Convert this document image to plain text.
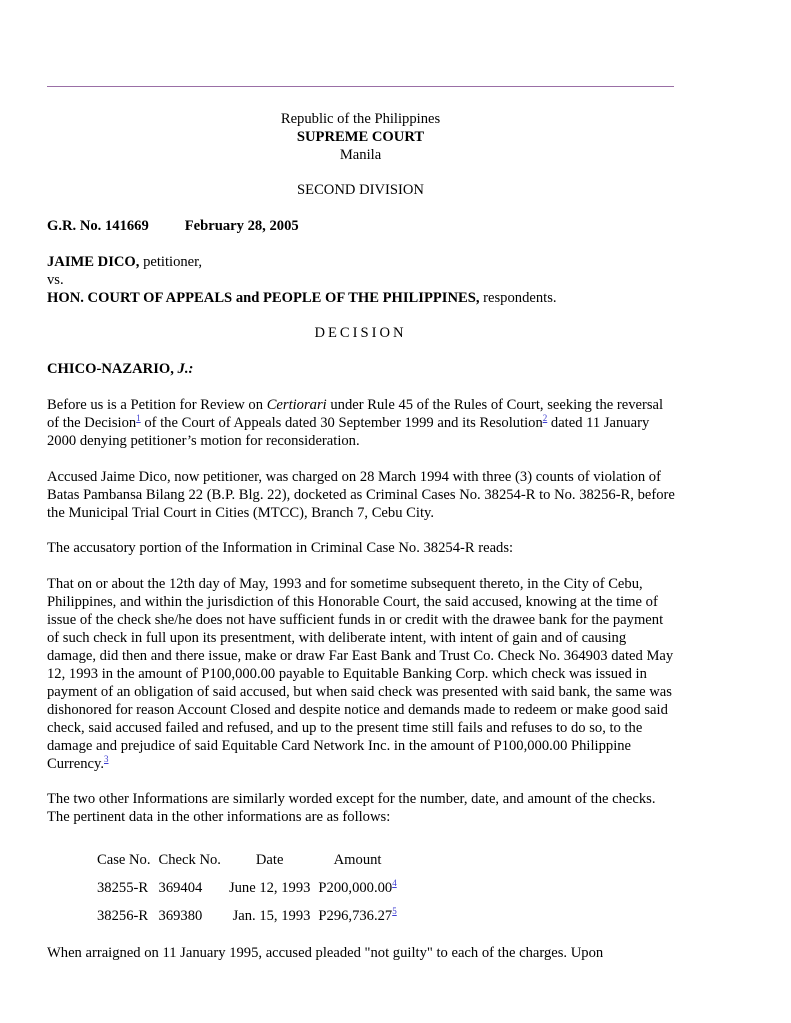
Republic of the Philippines
SUPREME COURT
Manila
SECOND DIVISION
G.R. No. 141669 February 28, 2005
JAIME DICO, petitioner,
vs.
HON. COURT OF APPEALS and PEOPLE OF THE PHILIPPINES, respondents.
DECISION
CHICO-NAZARIO, J.:

Before us is a Petition for Review on Certiorari under Rule 45 of the Rules of Court, seeking the reversal of the Decision$^1$ of the Court of Appeals dated 30 September 1999 and its Resolution$^2$ dated 11 January 2000 denying petitioner’s motion for reconsideration.

Accused Jaime Dico, now petitioner, was charged on 28 March 1994 with three (3) counts of violation of Batas Pambansa Bilang 22 (B.P. Blg. 22), docketed as Criminal Cases No. 38254-R to No. 38256-R, before the Municipal Trial Court in Cities (MTCC), Branch 7, Cebu City.

The accusatory portion of the Information in Criminal Case No. 38254-R reads:

That on or about the 12th day of May, 1993 and for sometime subsequent thereto, in the City of Cebu, Philippines, and within the jurisdiction of this Honorable Court, the said accused, knowing at the time of issue of the check she/he does not have sufficient funds in or credit with the drawee bank for the payment of such check in full upon its presentment, with deliberate intent, with intent of gain and of causing damage, did then and there issue, make or draw Far East Bank and Trust Co. Check No. 364903 dated May 12, 1993 in the amount of P100,000.00 payable to Equitable Banking Corp. which check was issued in payment of an obligation of said accused, but when said check was presented with said bank, the same was dishonored for reason Account Closed and despite notice and demands made to redeem or make good said check, said accused failed and refused, and up to the present time still fails and refuses to do so, to the damage and prejudice of said Equitable Card Network Inc. in the amount of P100,000.00 Philippine Currency.$^3$

The two other Informations are similarly worded except for the number, date, and amount of the checks. The pertinent data in the other informations are as follows:

Case No.	Check No.	Date	Amount
38255-R	369404	June 12, 1993	P200,000.00$^4$
38256-R	369380	Jan. 15, 1993	P296,736.27$^5$

When arraigned on 11 January 1995, accused pleaded "not guilty" to each of the charges. Upon
